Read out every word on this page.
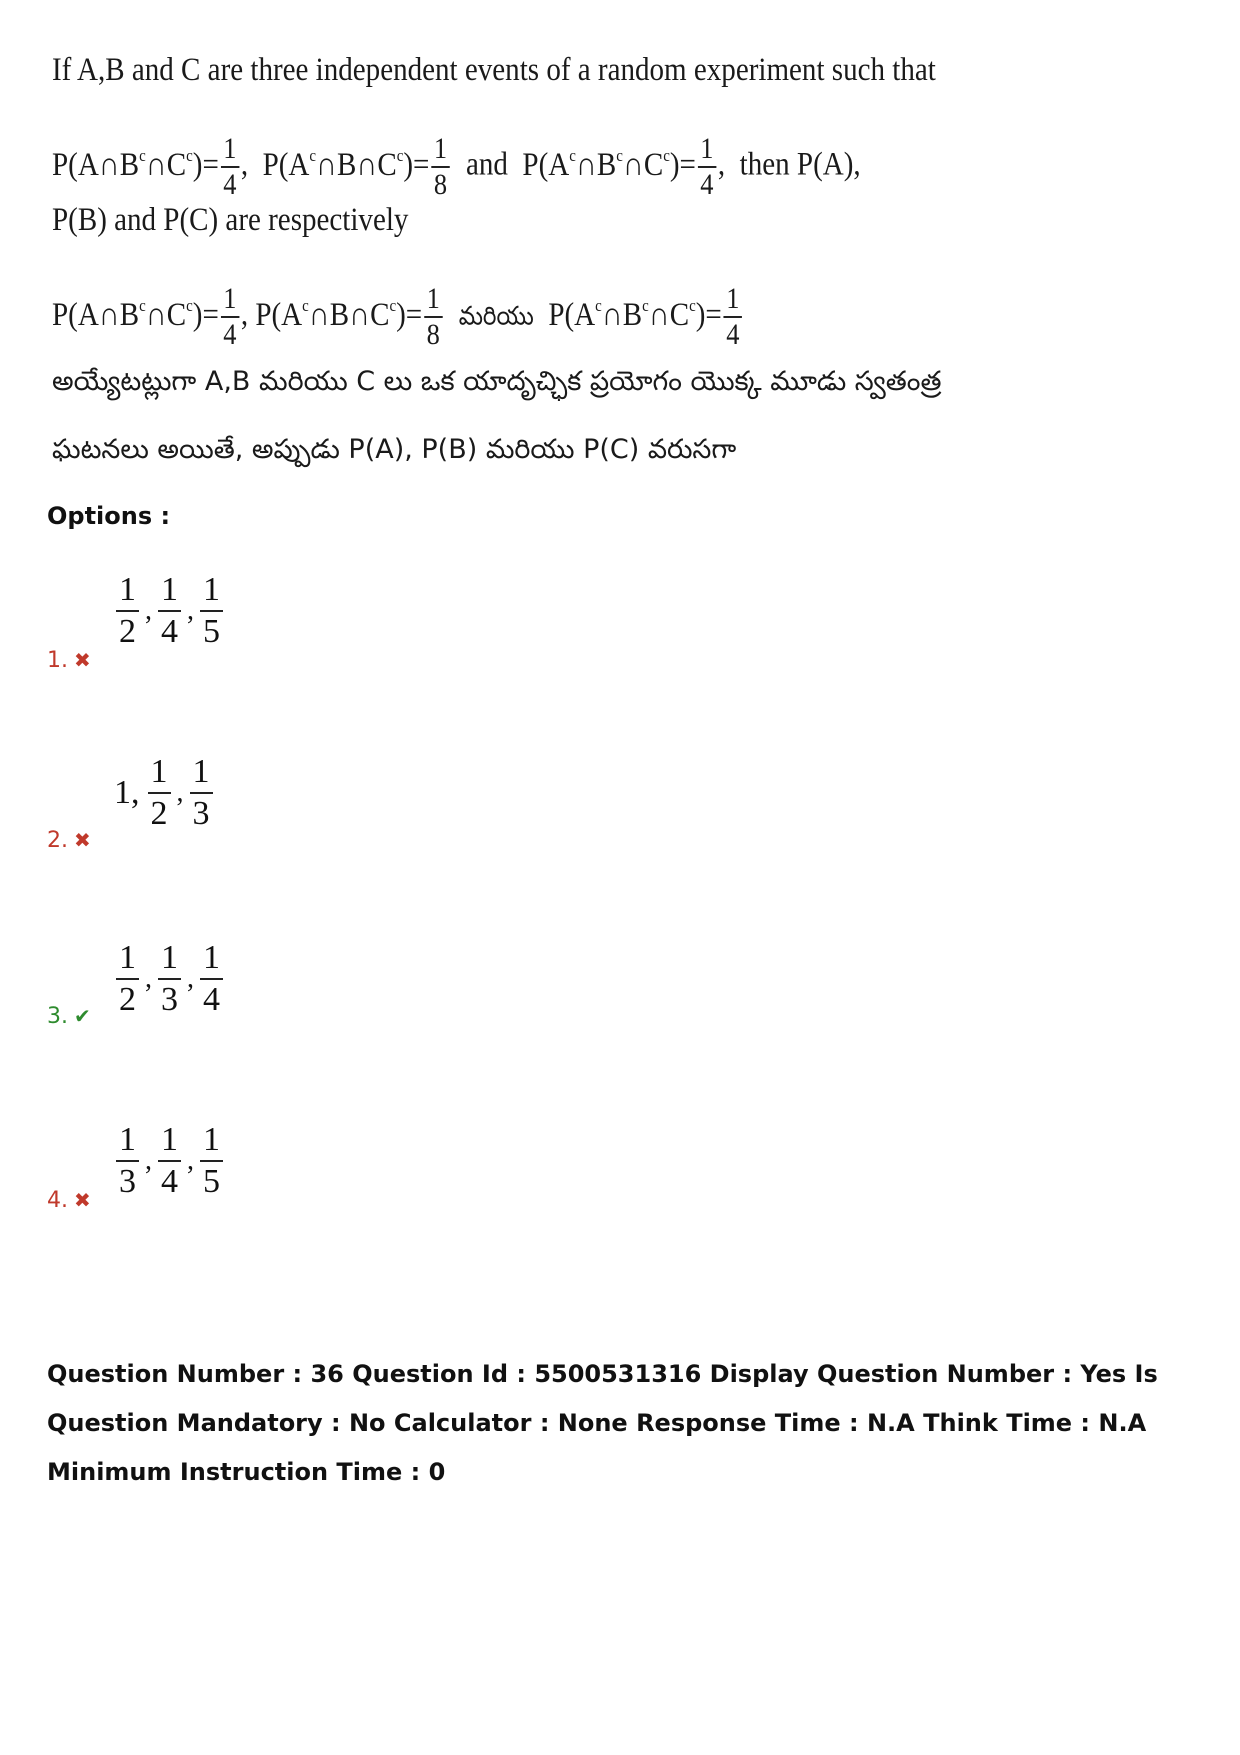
If A,B and C are three independent events of a random experiment such that
$P(A\cap B^c\cap C^c)= \frac{1}{4}$ ,  $P(A^c\cap B\cap C^c)= \frac{1}{8}$ and $P(A^c\cap B^c\cap C^c)= \frac{1}{4}$ ,  then P(A),
P(B) and P(C) are respectively
$P(A\cap B^c\cap C^c)= \frac{1}{4}$ , $P(A^c\cap B\cap C^c)= \frac{1}{8}$ మరియు $P(A^c\cap B^c\cap C^c)= \frac{1}{4}$
అయ్యేటట్లుగా A,B మరియు C లు ఒక యాదృచ్ఛిక ప్రయోగం యొక్క మూడు స్వతంత్ర
ఘటనలు అయితే, అప్పుడు P(A), P(B) మరియు P(C) వరుసగా
Options :
$\frac{1}{2}$ , $\frac{1}{4}$ , $\frac{1}{5}$
1. ✖
1, $\frac{1}{2}$ , $\frac{1}{3}$
2. ✖
$\frac{1}{2}$ , $\frac{1}{3}$ , $\frac{1}{4}$
3. ✔
$\frac{1}{3}$ , $\frac{1}{4}$ , $\frac{1}{5}$
4. ✖
Question Number : 36 Question Id : 5500531316 Display Question Number : Yes Is Question Mandatory : No Calculator : None Response Time : N.A Think Time : N.A Minimum Instruction Time : 0
